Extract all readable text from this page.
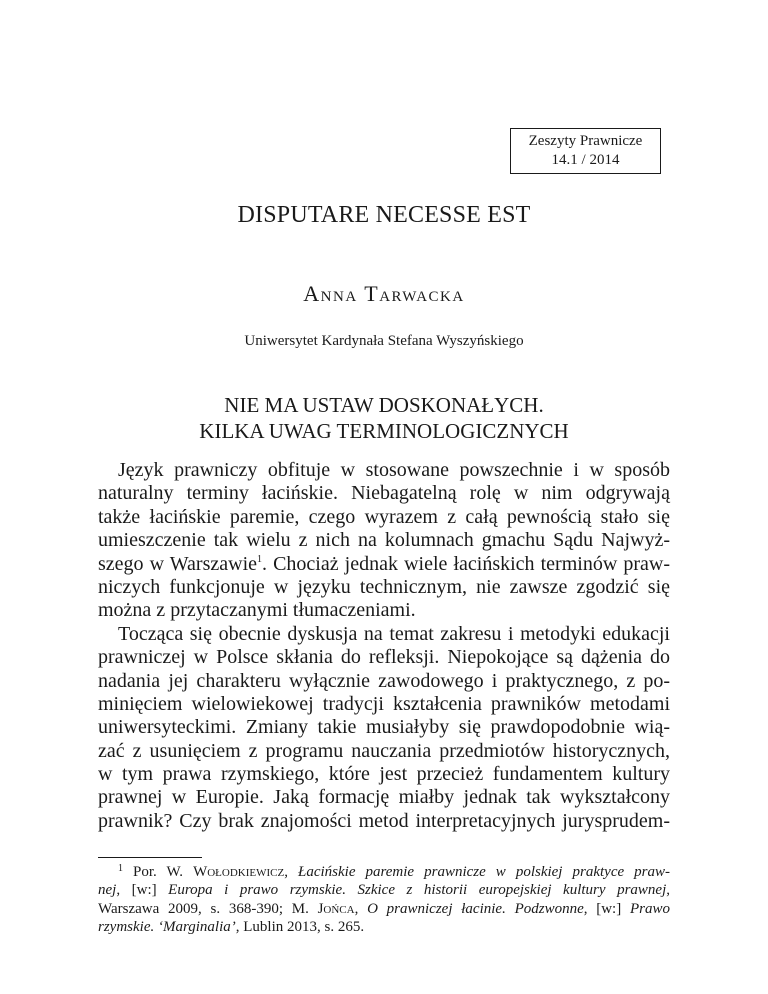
Zeszyty Prawnicze
14.1 / 2014
DISPUTARE NECESSE EST
Anna Tarwacka
Uniwersytet Kardynała Stefana Wyszyńskiego
NIE MA USTAW DOSKONAŁYCH.
KILKA UWAG TERMINOLOGICZNYCH
Język prawniczy obfituje w stosowane powszechnie i w sposób
naturalny terminy łacińskie. Niebagatelną rolę w nim odgrywają
także łacińskie paremie, czego wyrazem z całą pewnością stało się
umieszczenie tak wielu z nich na kolumnach gmachu Sądu Najwyż-
szego w Warszawie$^1$. Chociaż jednak wiele łacińskich terminów praw-
niczych funkcjonuje w języku technicznym, nie zawsze zgodzić się
można z przytaczanymi tłumaczeniami.
Tocząca się obecnie dyskusja na temat zakresu i metodyki edukacji
prawniczej w Polsce skłania do refleksji. Niepokojące są dążenia do
nadania jej charakteru wyłącznie zawodowego i praktycznego, z po-
minięciem wielowiekowej tradycji kształcenia prawników metodami
uniwersyteckimi. Zmiany takie musiałyby się prawdopodobnie wią-
zać z usunięciem z programu nauczania przedmiotów historycznych,
w tym prawa rzymskiego, które jest przecież fundamentem kultury
prawnej w Europie. Jaką formację miałby jednak tak wykształcony
prawnik? Czy brak znajomości metod interpretacyjnych jurysprudem-
$^1$ Por. W. Wołodkiewicz, Łacińskie paremie prawnicze w polskiej praktyce praw-
nej, [w:] Europa i prawo rzymskie. Szkice z historii europejskiej kultury prawnej,
Warszawa 2009, s. 368-390; M. Jońca, O prawniczej łacinie. Podzwonne, [w:] Prawo
rzymskie. ‘Marginalia’, Lublin 2013, s. 265.
